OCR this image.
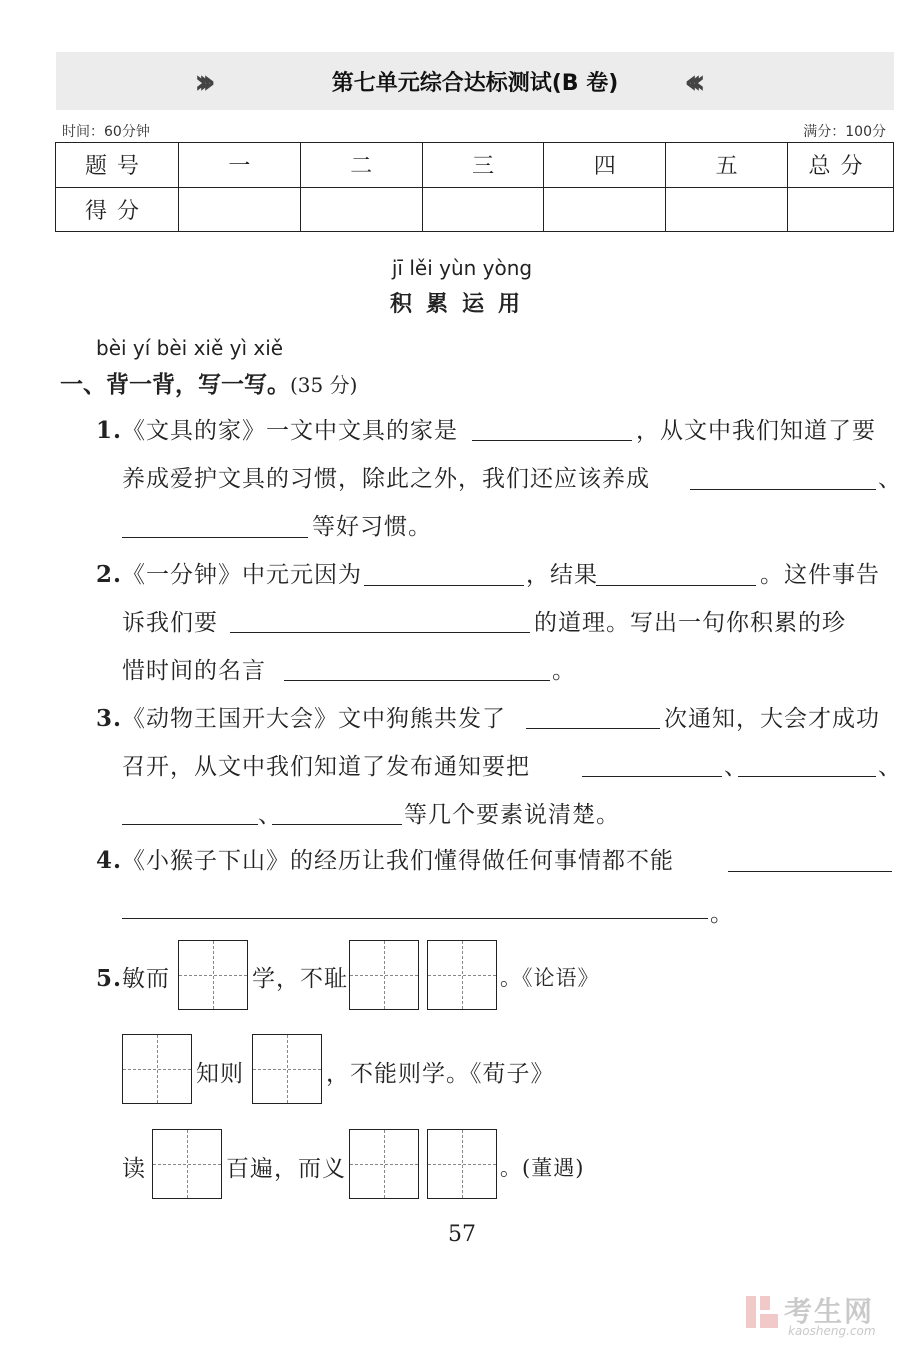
›››	第七单元综合达标测试(B 卷)	‹‹‹
时间：60分钟	满分：100分
题号	一	二	三	四	五	总分
得分						
jī lěi yùn yòng
积累运用
bèi yí bèi xiě yì xiě
一、背一背，写一写。(35 分)
1.《文具的家》一文中文具的家是	，从文中我们知道了要
养成爱护文具的习惯，除此之外，我们还应该养成	、
等好习惯。
2.《一分钟》中元元因为	，结果	。这件事告
诉我们要	的道理。写出一句你积累的珍
惜时间的名言	。
3.《动物王国开大会》文中狗熊共发了	次通知，大会才成功
召开，从文中我们知道了发布通知要把	、	、
、	等几个要素说清楚。
4.《小猴子下山》的经历让我们懂得做任何事情都不能
。
5.敏而	学，不耻	。《论语》
知则	，不能则学。《荀子》
读	百遍，而义	。(董遇)
57
考生网
kaosheng.com
